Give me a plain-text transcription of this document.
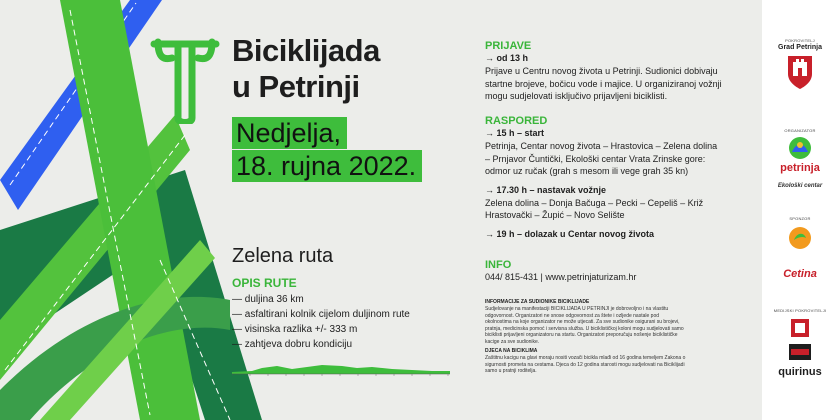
Biciklijada
u Petrinji
Nedjelja,
18. rujna 2022.
Zelena ruta
OPIS RUTE
— duljina 36 km
— asfaltirani kolnik cijelom duljinom rute
— visinska razlika +/- 333 m
— zahtjeva dobru kondiciju

PRIJAVE

→ od 13 h

Prijave u Centru novog života u Petrinji. Sudionici dobivaju

startne brojeve, bočicu vode i majice. U organiziranoj vožnji

mogu sudjelovati isključivo prijavljeni biciklisti.

RASPORED

→ 15 h – start

Petrinja, Centar novog života – Hrastovica – Zelena dolina

– Prnjavor Čuntički, Ekološki centar Vrata Zrinske gore:

odmor uz ručak (grah s mesom ili vege grah 35 kn)

→ 17.30 h – nastavak vožnje

Zelena dolina – Donja Bačuga – Pecki – Cepeliš – Križ

Hrastovački – Župić – Novo Selište

→ 19 h – dolazak u Centar novog života

INFO

044/ 815-431 | www.petrinjaturizam.hr

INFORMACIJE ZA SUDIONIKE BICIKLIJADE

Sudjelovanje na manifestaciji BICIKLIJADA U PETRINJI je dobrovoljno i na vlastitu
odgovornost. Organizatori ne snose odgovornost za štete i ozljede nastale pod
okolnostima na koje organizator ne može utjecati. Za sve sudionike osigurani su brojevi,
pratnja, medicinska pomoć i servisna služba. U biciklističkoj koloni mogu sudjelovati samo
biciklisti prijavljeni organizatoru na startu. Organizatori preporučuju nošenje biciklističke
kacige za sve sudionike.

DJECA NA BICIKLIMA

Zaštitnu kacigu na glavi moraju nositi vozači bicikla mlađi od 16 godina temeljem Zakona o
sigurnosti prometa na cestama. Djeca do 12 godina starosti mogu sudjelovati na Biciklijadi
samo u pratnji roditelja.

POKROVITELJ
Grad Petrinja
ORGANIZATOR
petrinja
Ekološki centar
SPONZOR
Cetina
MEDIJSKI POKROVITELJI
quirinus
